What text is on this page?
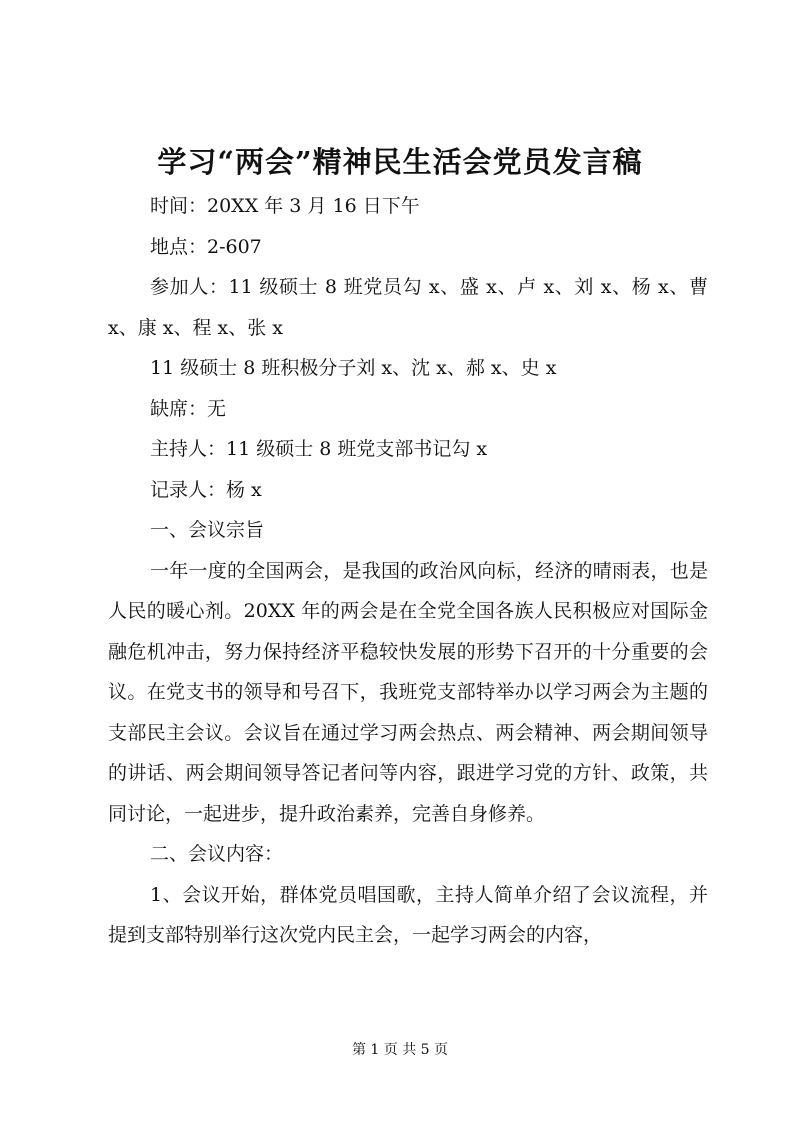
学习“两会”精神民生活会党员发言稿

时间：20XX 年 3 月 16 日下午

地点：2-607

参加人：11 级硕士 8 班党员勾 x、盛 x、卢 x、刘 x、杨 x、曹 x、康 x、程 x、张 x

11 级硕士 8 班积极分子刘 x、沈 x、郝 x、史 x

缺席：无

主持人：11 级硕士 8 班党支部书记勾 x

记录人：杨 x

一、会议宗旨

一年一度的全国两会，是我国的政治风向标，经济的晴雨表，也是人民的暖心剂。20XX 年的两会是在全党全国各族人民积极应对国际金融危机冲击，努力保持经济平稳较快发展的形势下召开的十分重要的会议。在党支书的领导和号召下，我班党支部特举办以学习两会为主题的支部民主会议。会议旨在通过学习两会热点、两会精神、两会期间领导的讲话、两会期间领导答记者问等内容，跟进学习党的方针、政策，共同讨论，一起进步，提升政治素养，完善自身修养。

二、会议内容：

1、会议开始，群体党员唱国歌，主持人简单介绍了会议流程，并提到支部特别举行这次党内民主会，一起学习两会的内容，

第 1 页 共 5 页
